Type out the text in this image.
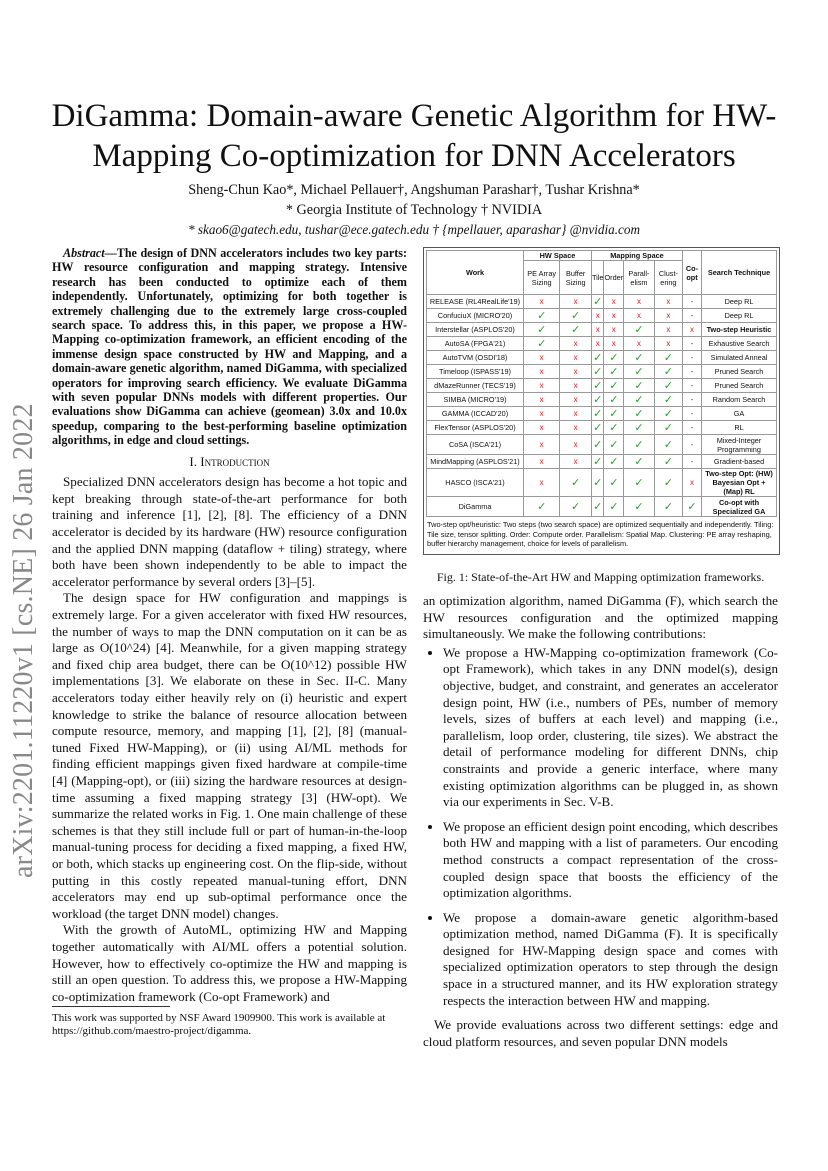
DiGamma: Domain-aware Genetic Algorithm for HW-Mapping Co-optimization for DNN Accelerators
Sheng-Chun Kao*, Michael Pellauer†, Angshuman Parashar†, Tushar Krishna*
* Georgia Institute of Technology † NVIDIA
* skao6@gatech.edu, tushar@ece.gatech.edu † {mpellauer, aparashar} @nvidia.com
arXiv:2201.11220v1 [cs.NE] 26 Jan 2022

Abstract—The design of DNN accelerators includes two key parts: HW resource configuration and mapping strategy. Intensive research has been conducted to optimize each of them independently. Unfortunately, optimizing for both together is extremely challenging due to the extremely large cross-coupled search space. To address this, in this paper, we propose a HW-Mapping co-optimization framework, an efficient encoding of the immense design space constructed by HW and Mapping, and a domain-aware genetic algorithm, named DiGamma, with specialized operators for improving search efficiency. We evaluate DiGamma with seven popular DNNs models with different properties. Our evaluations show DiGamma can achieve (geomean) 3.0x and 10.0x speedup, comparing to the best-performing baseline optimization algorithms, in edge and cloud settings.

I. Introduction

Specialized DNN accelerators design has become a hot topic and kept breaking through state-of-the-art performance for both training and inference [1], [2], [8]. The efficiency of a DNN accelerator is decided by its hardware (HW) resource configuration and the applied DNN mapping (dataflow + tiling) strategy, where both have been shown independently to be able to impact the accelerator performance by several orders [3]–[5].

The design space for HW configuration and mappings is extremely large. For a given accelerator with fixed HW resources, the number of ways to map the DNN computation on it can be as large as O(10^24) [4]. Meanwhile, for a given mapping strategy and fixed chip area budget, there can be O(10^12) possible HW implementations [3]. We elaborate on these in Sec. II-C. Many accelerators today either heavily rely on (i) heuristic and expert knowledge to strike the balance of resource allocation between compute resource, memory, and mapping [1], [2], [8] (manual-tuned Fixed HW-Mapping), or (ii) using AI/ML methods for finding efficient mappings given fixed hardware at compile-time [4] (Mapping-opt), or (iii) sizing the hardware resources at design-time assuming a fixed mapping strategy [3] (HW-opt). We summarize the related works in Fig. 1. One main challenge of these schemes is that they still include full or part of human-in-the-loop manual-tuning process for deciding a fixed mapping, a fixed HW, or both, which stacks up engineering cost. On the flip-side, without putting in this costly repeated manual-tuning effort, DNN accelerators may end up sub-optimal performance once the workload (the target DNN model) changes.

With the growth of AutoML, optimizing HW and Mapping together automatically with AI/ML offers a potential solution. However, how to effectively co-optimize the HW and mapping is still an open question. To address this, we propose a HW-Mapping co-optimization framework (Co-opt Framework) and

This work was supported by NSF Award 1909900. This work is available at https://github.com/maestro-project/digamma.
Work	HW Space		Mapping Space				Co-opt	Search Technique
	PE Array Sizing	Buffer Sizing	Tile	Order	Parall-elism	Clust-ering		
RELEASE (RL4RealLife'19)	x	x	✓	x	x	x	-	Deep RL
ConfuciuX (MICRO'20)	✓	✓	x	x	x	x	-	Deep RL
Interstellar (ASPLOS'20)	✓	✓	x	x	✓	x	x	Two-step Heuristic
AutoSA (FPGA'21)	✓	x	x	x	x	x	-	Exhaustive Search
AutoTVM (OSDI'18)	x	x	✓	✓	✓	✓	-	Simulated Anneal
Timeloop (ISPASS'19)	x	x	✓	✓	✓	✓	-	Pruned Search
dMazeRunner (TECS'19)	x	x	✓	✓	✓	✓	-	Pruned Search
SIMBA (MICRO'19)	x	x	✓	✓	✓	✓	-	Random Search
GAMMA (ICCAD'20)	x	x	✓	✓	✓	✓	-	GA
FlexTensor (ASPLOS'20)	x	x	✓	✓	✓	✓	-	RL
CoSA (ISCA'21)	x	x	✓	✓	✓	✓	-	Mixed-Integer Programming
MindMapping (ASPLOS'21)	x	x	✓	✓	✓	✓	-	Gradient-based
HASCO (ISCA'21)	x	✓	✓	✓	✓	✓	x	Two-step Opt: (HW) Bayesian Opt + (Map) RL
DiGamma	✓	✓	✓	✓	✓	✓	✓	Co-opt with Specialized GA
Two-step opt/heuristic: Two steps (two search space) are optimized sequentially and independently. Tiling: Tile size, tensor splitting. Order: Compute order. Parallelism: Spatial Map. Clustering: PE array reshaping, buffer hierarchy management, choice for levels of parallelism.
Fig. 1: State-of-the-Art HW and Mapping optimization frameworks.

an optimization algorithm, named DiGamma (F), which search the HW resources configuration and the optimized mapping simultaneously. We make the following contributions:

• We propose a HW-Mapping co-optimization framework (Co-opt Framework), which takes in any DNN model(s), design objective, budget, and constraint, and generates an accelerator design point, HW (i.e., numbers of PEs, number of memory levels, sizes of buffers at each level) and mapping (i.e., parallelism, loop order, clustering, tile sizes). We abstract the detail of performance modeling for different DNNs, chip constraints and provide a generic interface, where many existing optimization algorithms can be plugged in, as shown via our experiments in Sec. V-B.
• We propose an efficient design point encoding, which describes both HW and mapping with a list of parameters. Our encoding method constructs a compact representation of the cross-coupled design space that boosts the efficiency of the optimization algorithms.
• We propose a domain-aware genetic algorithm-based optimization method, named DiGamma (F). It is specifically designed for HW-Mapping design space and comes with specialized optimization operators to step through the design space in a structured manner, and its HW exploration strategy respects the interaction between HW and mapping.

We provide evaluations across two different settings: edge and cloud platform resources, and seven popular DNN models
